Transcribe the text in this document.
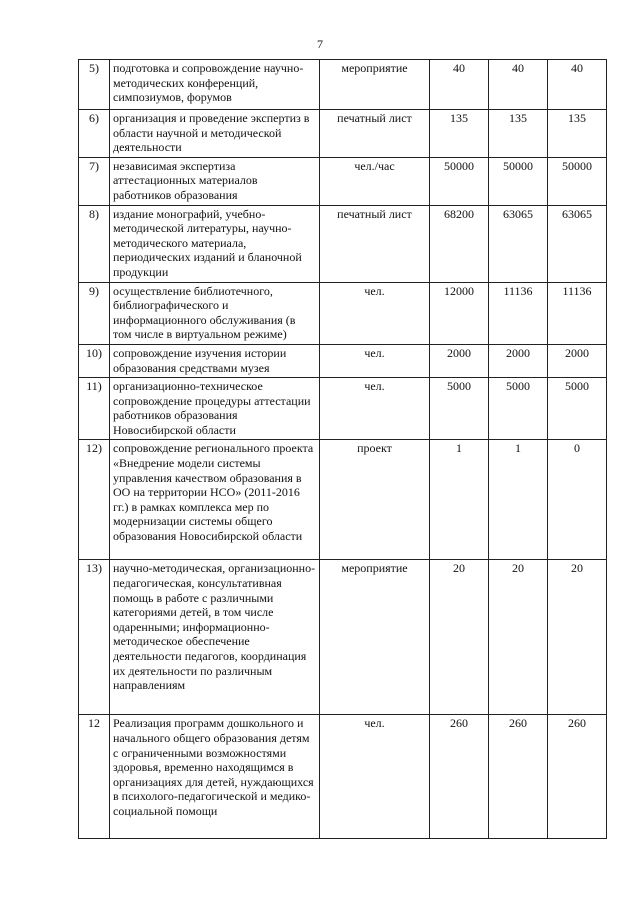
7
5)	подготовка и сопровождение научно-методических конференций, симпозиумов, форумов	мероприятие	40	40	40
6)	организация и проведение экспертиз в области научной и методической деятельности	печатный лист	135	135	135
7)	независимая экспертиза аттестационных материалов работников образования	чел./час	50000	50000	50000
8)	издание монографий, учебно-методической литературы, научно-методического материала, периодических изданий и бланочной продукции	печатный лист	68200	63065	63065
9)	осуществление библиотечного, библиографического и информационного обслуживания (в том числе в виртуальном режиме)	чел.	12000	11136	11136
10)	сопровождение изучения истории образования средствами музея	чел.	2000	2000	2000
11)	организационно-техническое сопровождение процедуры аттестации работников образования Новосибирской области	чел.	5000	5000	5000
12)	сопровождение регионального проекта «Внедрение модели системы управления качеством образования в ОО на территории НСО» (2011-2016 гг.) в рамках комплекса мер по модернизации системы общего образования Новосибирской области	проект	1	1	0
13)	научно-методическая, организационно-педагогическая, консультативная помощь в работе с различными категориями детей, в том числе одаренными; информационно-методическое обеспечение деятельности педагогов, координация их деятельности по различным направлениям	мероприятие	20	20	20
12	Реализация программ дошкольного и начального общего образования детям с ограниченными возможностями здоровья, временно находящимся в организациях для детей, нуждающихся в психолого-педагогической и медико-социальной помощи	чел.	260	260	260
